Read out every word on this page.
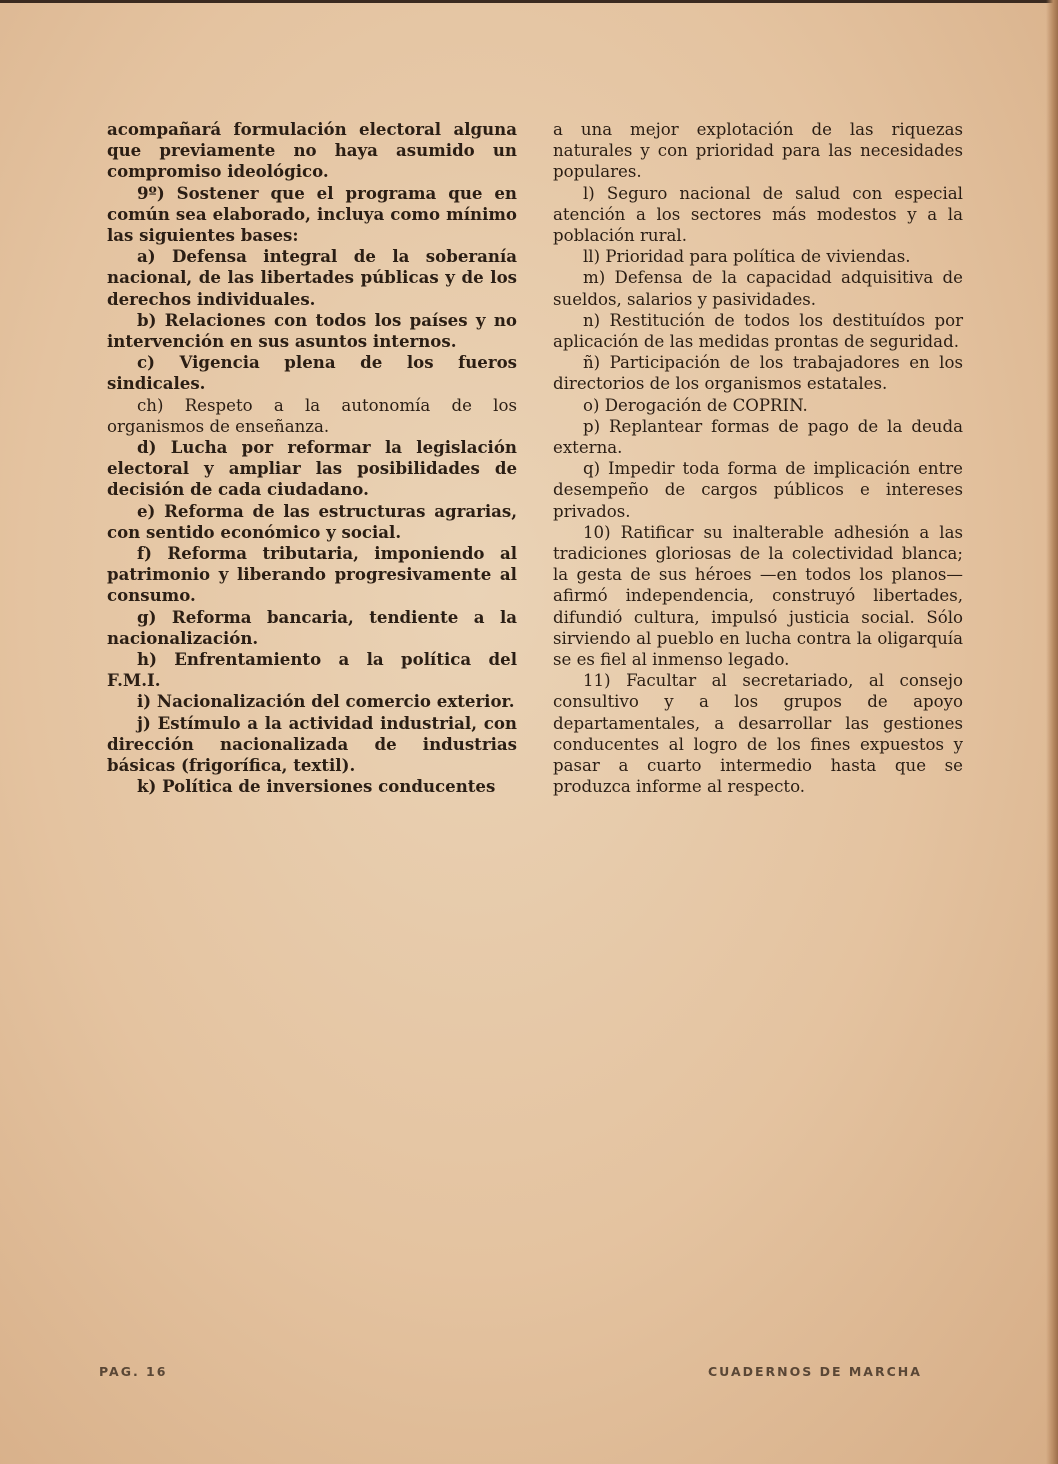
acompañará formulación electoral alguna que previamente no haya asumido un compromiso ideológico.

9º) Sostener que el programa que en común sea elaborado, incluya como mínimo las siguientes bases:

a) Defensa integral de la soberanía nacional, de las libertades públicas y de los derechos individuales.

b) Relaciones con todos los países y no intervención en sus asuntos internos.

c) Vigencia plena de los fueros sindicales.

ch) Respeto a la autonomía de los organismos de enseñanza.

d) Lucha por reformar la legislación electoral y ampliar las posibilidades de decisión de cada ciudadano.

e) Reforma de las estructuras agrarias, con sentido económico y social.

f) Reforma tributaria, imponiendo al patrimonio y liberando progresivamente al consumo.

g) Reforma bancaria, tendiente a la nacionalización.

h) Enfrentamiento a la política del F.M.I.

i) Nacionalización del comercio exterior.

j) Estímulo a la actividad industrial, con dirección nacionalizada de industrias básicas (frigorífica, textil).

k) Política de inversiones conducentes

a una mejor explotación de las riquezas naturales y con prioridad para las necesidades populares.

l) Seguro nacional de salud con especial atención a los sectores más modestos y a la población rural.

ll) Prioridad para política de viviendas.

m) Defensa de la capacidad adquisitiva de sueldos, salarios y pasividades.

n) Restitución de todos los destituídos por aplicación de las medidas prontas de seguridad.

ñ) Participación de los trabajadores en los directorios de los organismos estatales.

o) Derogación de COPRIN.

p) Replantear formas de pago de la deuda externa.

q) Impedir toda forma de implicación entre desempeño de cargos públicos e intereses privados.

10) Ratificar su inalterable adhesión a las tradiciones gloriosas de la colectividad blanca; la gesta de sus héroes —en todos los planos— afirmó independencia, construyó libertades, difundió cultura, impulsó justicia social. Sólo sirviendo al pueblo en lucha contra la oligarquía se es fiel al inmenso legado.

11) Facultar al secretariado, al consejo consultivo y a los grupos de apoyo departamentales, a desarrollar las gestiones conducentes al logro de los fines expuestos y pasar a cuarto intermedio hasta que se produzca informe al respecto.

PAG. 16	CUADERNOS DE MARCHA
